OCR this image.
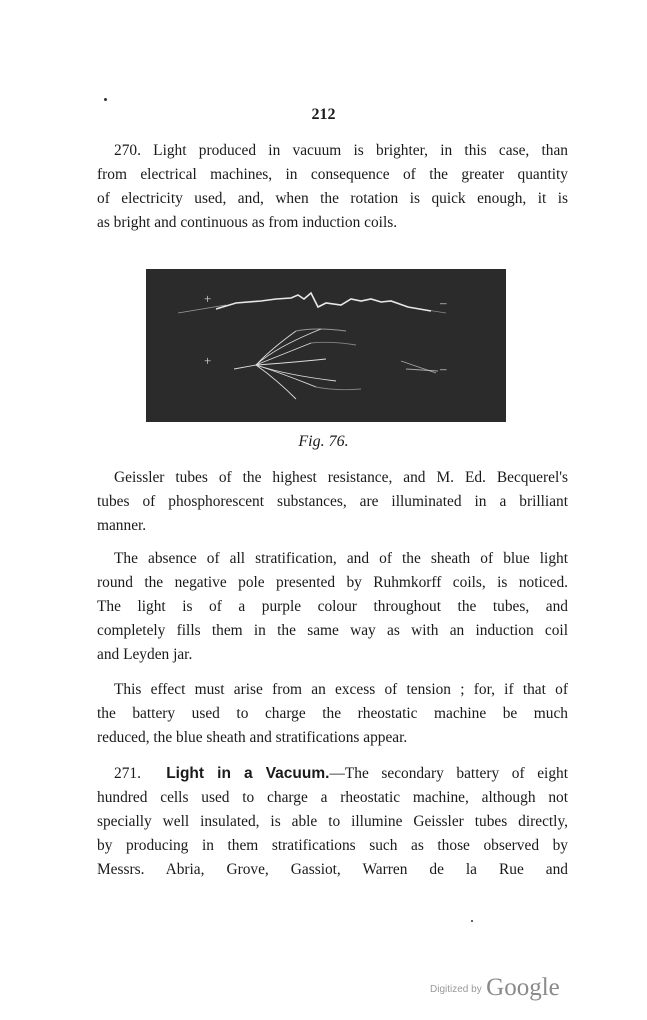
212
270. Light produced in vacuum is brighter, in this case, than
from electrical machines, in consequence of the greater quantity
of electricity used, and, when the rotation is quick enough, it is
as bright and continuous as from induction coils.
+	–
+
–
Fig. 76.
Geissler tubes of the highest resistance, and M. Ed. Becquerel's
tubes of phosphorescent substances, are illuminated in a brilliant
manner.
The absence of all stratification, and of the sheath of blue light
round the negative pole presented by Ruhmkorff coils, is noticed.
The light is of a purple colour throughout the tubes, and
completely fills them in the same way as with an induction coil
and Leyden jar.
This effect must arise from an excess of tension ; for, if that of
the battery used to charge the rheostatic machine be much
reduced, the blue sheath and stratifications appear.
271. Light in a Vacuum.—The secondary battery of eight
hundred cells used to charge a rheostatic machine, although not
specially well insulated, is able to illumine Geissler tubes directly,
by producing in them stratifications such as those observed by
Messrs. Abria, Grove, Gassiot, Warren de la Rue and
Digitized by Google
